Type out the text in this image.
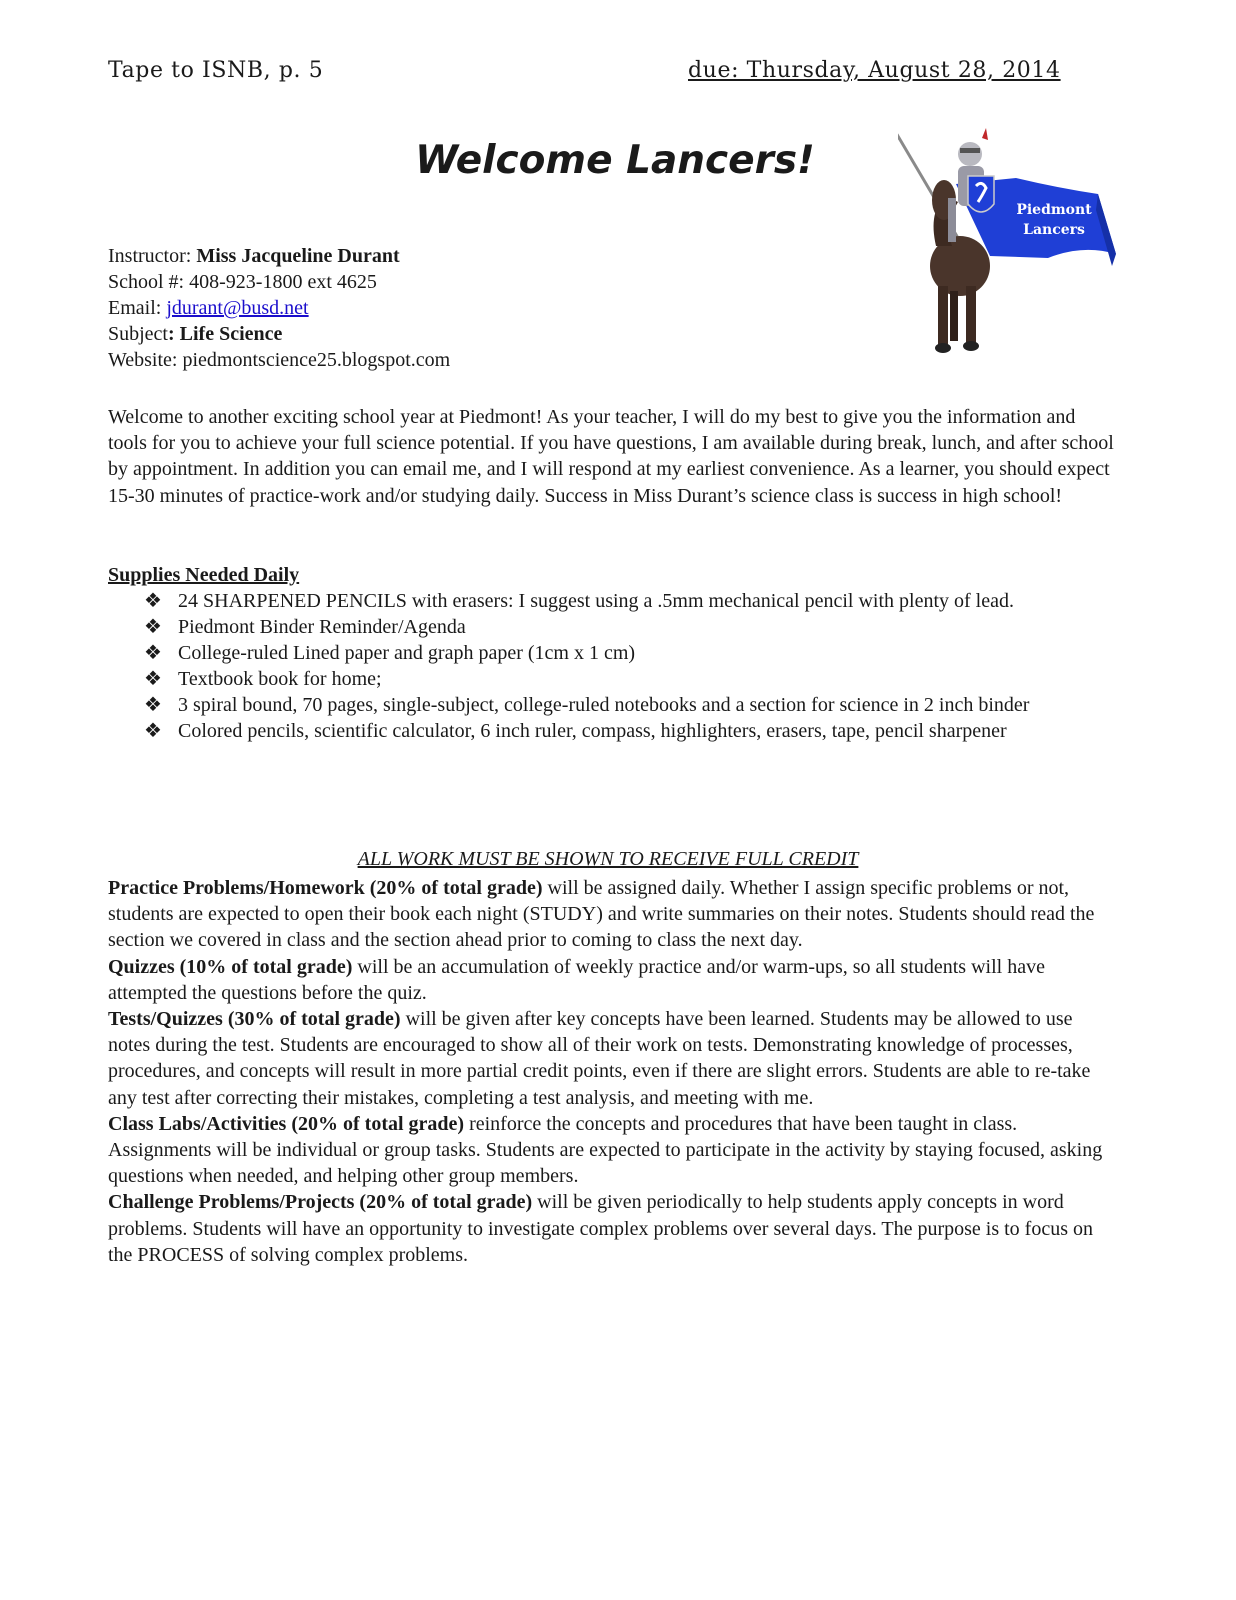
Tape to ISNB, p. 5	due: Thursday, August 28, 2014
Welcome Lancers!
Piedmont
Lancers
Instructor: Miss Jacqueline Durant
School #: 408-923-1800 ext 4625
Email: jdurant@busd.net
Subject: Life Science
Website: piedmontscience25.blogspot.com
Welcome to another exciting school year at Piedmont! As your teacher, I will do my best to give you the information and tools for you to achieve your full science potential. If you have questions, I am available during break, lunch, and after school by appointment. In addition you can email me, and I will respond at my earliest convenience. As a learner, you should expect 15-30 minutes of practice-work and/or studying daily. Success in Miss Durant’s science class is success in high school!
Supplies Needed Daily
❖ 24 SHARPENED PENCILS with erasers: I suggest using a .5mm mechanical pencil with plenty of lead.
❖ Piedmont Binder Reminder/Agenda
❖ College-ruled Lined paper and graph paper (1cm x 1 cm)
❖ Textbook book for home;
❖ 3 spiral bound, 70 pages, single-subject, college-ruled notebooks and a section for science in 2 inch binder
❖ Colored pencils, scientific calculator, 6 inch ruler, compass, highlighters, erasers, tape, pencil sharpener
ALL WORK MUST BE SHOWN TO RECEIVE FULL CREDIT

Practice Problems/Homework (20% of total grade) will be assigned daily. Whether I assign specific problems or not, students are expected to open their book each night (STUDY) and write summaries on their notes. Students should read the section we covered in class and the section ahead prior to coming to class the next day.

Quizzes (10% of total grade) will be an accumulation of weekly practice and/or warm-ups, so all students will have attempted the questions before the quiz.

Tests/Quizzes (30% of total grade) will be given after key concepts have been learned. Students may be allowed to use notes during the test. Students are encouraged to show all of their work on tests. Demonstrating knowledge of processes, procedures, and concepts will result in more partial credit points, even if there are slight errors. Students are able to re-take any test after correcting their mistakes, completing a test analysis, and meeting with me.

Class Labs/Activities (20% of total grade) reinforce the concepts and procedures that have been taught in class. Assignments will be individual or group tasks. Students are expected to participate in the activity by staying focused, asking questions when needed, and helping other group members.

Challenge Problems/Projects (20% of total grade) will be given periodically to help students apply concepts in word problems. Students will have an opportunity to investigate complex problems over several days. The purpose is to focus on the PROCESS of solving complex problems.
